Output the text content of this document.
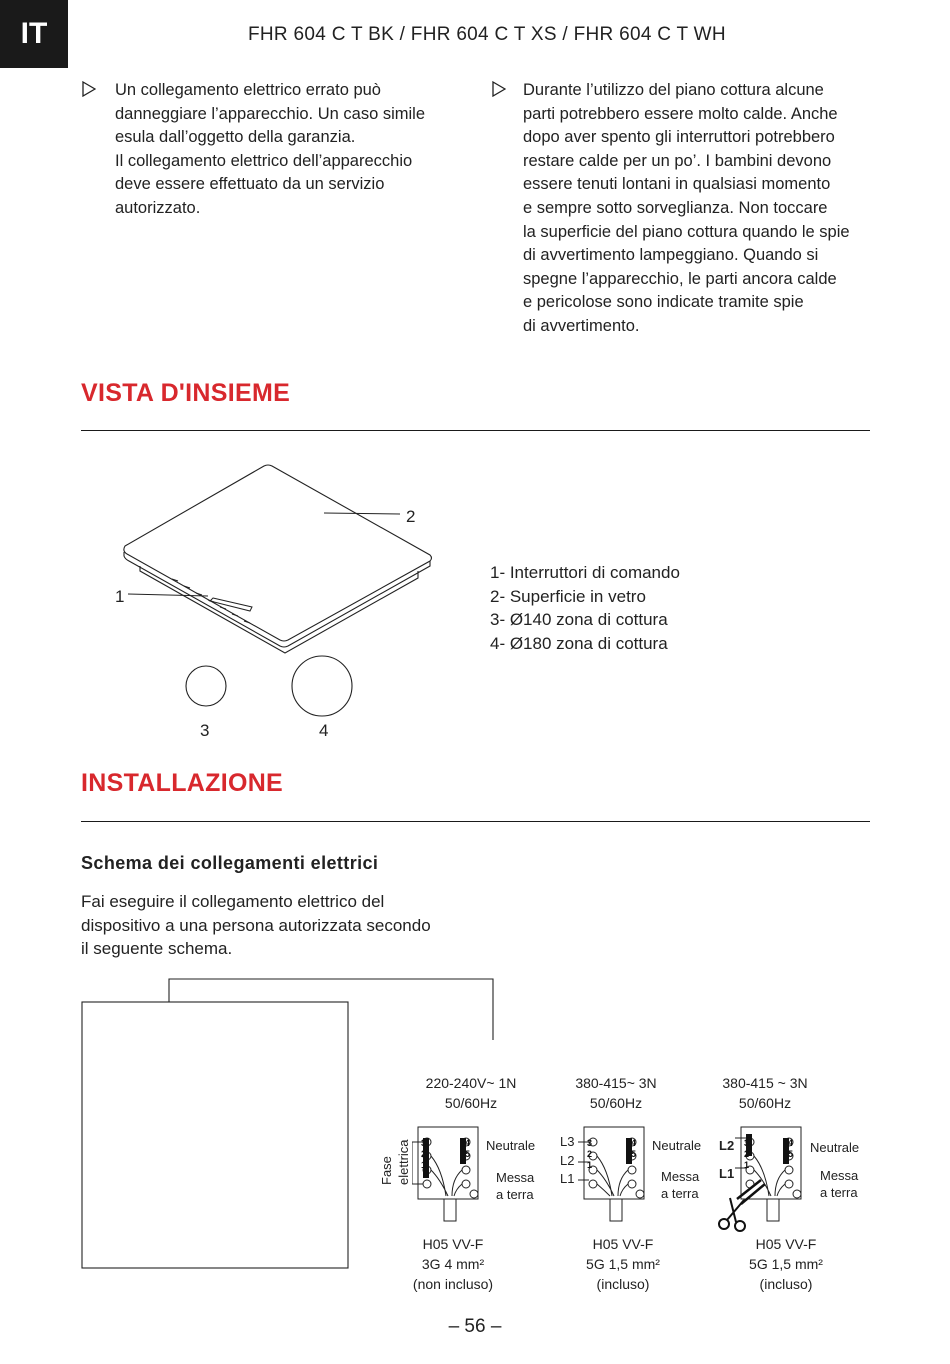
IT	FHR 604 C T BK / FHR 604 C T XS / FHR 604 C T WH
Un collegamento elettrico errato può
danneggiare l’apparecchio. Un caso simile
esula dall’oggetto della garanzia.
Il collegamento elettrico dell’apparecchio
deve essere effettuato da un servizio
autorizzato.
Durante l’utilizzo del piano cottura alcune
parti potrebbero essere molto calde. Anche
dopo aver spento gli interruttori potrebbero
restare calde per un po’. I bambini devono
essere tenuti lontani in qualsiasi momento
e sempre sotto sorveglianza. Non toccare
la superficie del piano cottura quando le spie
di avvertimento lampeggiano. Quando si
spegne l’apparecchio, le parti ancora calde
e pericolose sono indicate tramite spie
di avvertimento.
VISTA D'INSIEME
1
2
3	4
1- Interruttori di comando
2- Superficie in vetro
3- Ø140 zona di cottura
4- Ø180 zona di cottura
INSTALLAZIONE
Schema dei collegamenti elettrici
Fai eseguire il collegamento elettrico del
dispositivo a una persona autorizzata secondo
il seguente schema.
220-240V~ 1N
50/60Hz
Fase elettrica 3
2
1
4
5
Neutrale
Messa
a terra
H05 VV-F
3G 4 mm²
(non incluso)
380-415~ 3N
50/60Hz
L3
L2
L1
3
2
1
4
5
Neutrale
Messa
a terra
H05 VV-F
5G 1,5 mm²
(incluso)
380-415 ~ 3N
50/60Hz
L2
L1
3
2
1
4
5 Neutrale
Messa
a terra
H05 VV-F
5G 1,5 mm²
(incluso)
– 56 –
